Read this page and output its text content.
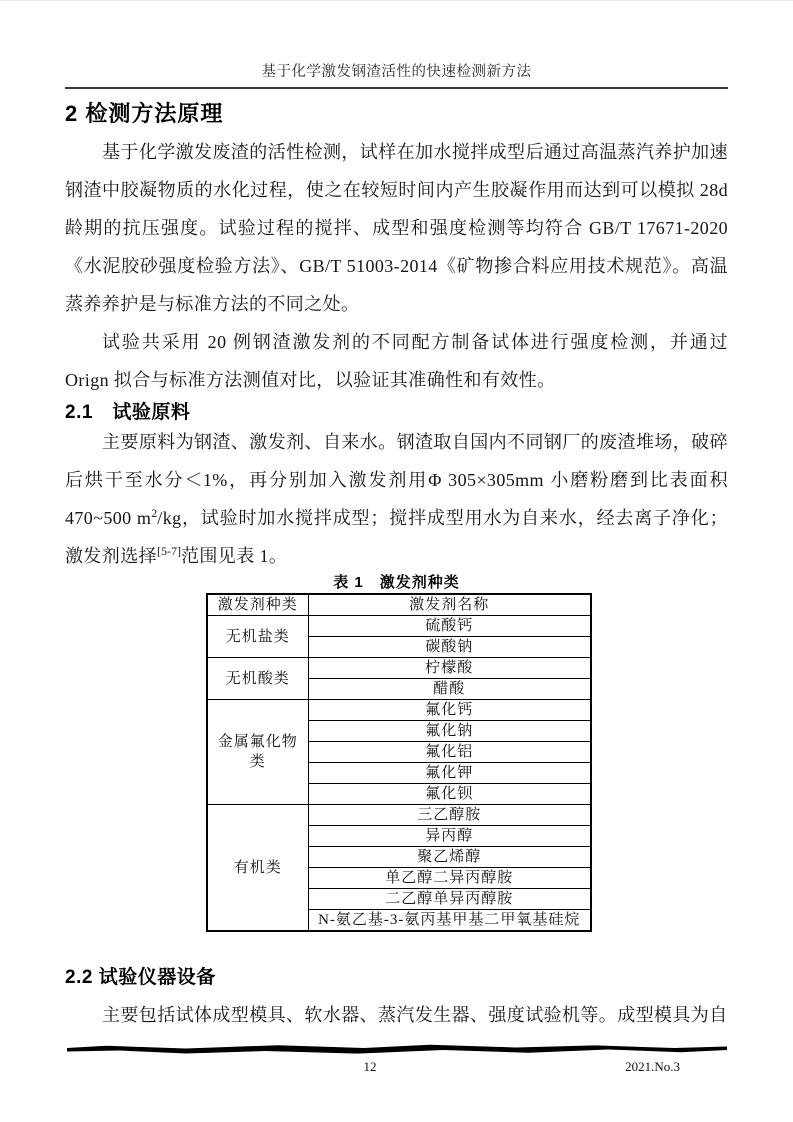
基于化学激发钢渣活性的快速检测新方法
2 检测方法原理

基于化学激发废渣的活性检测，试样在加水搅拌成型后通过高温蒸汽养护加速钢渣中胶凝物质的水化过程，使之在较短时间内产生胶凝作用而达到可以模拟 28d 龄期的抗压强度。试验过程的搅拌、成型和强度检测等均符合 GB/T 17671-2020《水泥胶砂强度检验方法》、GB/T 51003-2014《矿物掺合料应用技术规范》。高温蒸养养护是与标准方法的不同之处。

试验共采用 20 例钢渣激发剂的不同配方制备试体进行强度检测，并通过 Orign 拟合与标准方法测值对比，以验证其准确性和有效性。

2.1　试验原料

主要原料为钢渣、激发剂、自来水。钢渣取自国内不同钢厂的废渣堆场，破碎后烘干至水分＜1%，再分别加入激发剂用Φ 305×305mm 小磨粉磨到比表面积 470~500 $m^2/kg$，试验时加水搅拌成型；搅拌成型用水为自来水，经去离子净化；激发剂选择[5-7]范围见表 1。

表 1　激发剂种类
激发剂种类	激发剂名称
无机盐类	硫酸钙
	碳酸钠
无机酸类	柠檬酸
	醋酸
金属氟化物类	氟化钙
	氟化钠
	氟化铝
	氟化钾
	氟化钡
有机类	三乙醇胺
	异丙醇
	聚乙烯醇
	单乙醇二异丙醇胺
	二乙醇单异丙醇胺
	N-氨乙基-3-氨丙基甲基二甲氧基硅烷
2.2 试验仪器设备

主要包括试体成型模具、软水器、蒸汽发生器、强度试验机等。成型模具为自

12	2021.No.3
